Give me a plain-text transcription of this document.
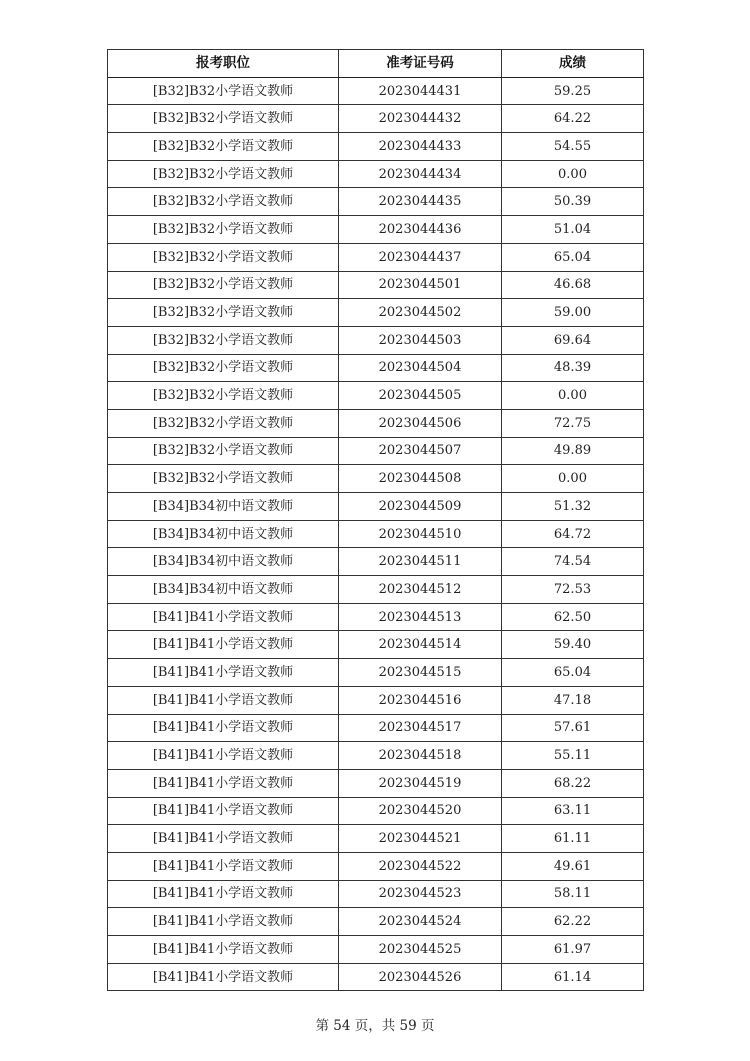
报考职位	准考证号码	成绩
[B32]B32小学语文教师	2023044431	59.25
[B32]B32小学语文教师	2023044432	64.22
[B32]B32小学语文教师	2023044433	54.55
[B32]B32小学语文教师	2023044434	0.00
[B32]B32小学语文教师	2023044435	50.39
[B32]B32小学语文教师	2023044436	51.04
[B32]B32小学语文教师	2023044437	65.04
[B32]B32小学语文教师	2023044501	46.68
[B32]B32小学语文教师	2023044502	59.00
[B32]B32小学语文教师	2023044503	69.64
[B32]B32小学语文教师	2023044504	48.39
[B32]B32小学语文教师	2023044505	0.00
[B32]B32小学语文教师	2023044506	72.75
[B32]B32小学语文教师	2023044507	49.89
[B32]B32小学语文教师	2023044508	0.00
[B34]B34初中语文教师	2023044509	51.32
[B34]B34初中语文教师	2023044510	64.72
[B34]B34初中语文教师	2023044511	74.54
[B34]B34初中语文教师	2023044512	72.53
[B41]B41小学语文教师	2023044513	62.50
[B41]B41小学语文教师	2023044514	59.40
[B41]B41小学语文教师	2023044515	65.04
[B41]B41小学语文教师	2023044516	47.18
[B41]B41小学语文教师	2023044517	57.61
[B41]B41小学语文教师	2023044518	55.11
[B41]B41小学语文教师	2023044519	68.22
[B41]B41小学语文教师	2023044520	63.11
[B41]B41小学语文教师	2023044521	61.11
[B41]B41小学语文教师	2023044522	49.61
[B41]B41小学语文教师	2023044523	58.11
[B41]B41小学语文教师	2023044524	62.22
[B41]B41小学语文教师	2023044525	61.97
[B41]B41小学语文教师	2023044526	61.14
第 54 页，共 59 页
